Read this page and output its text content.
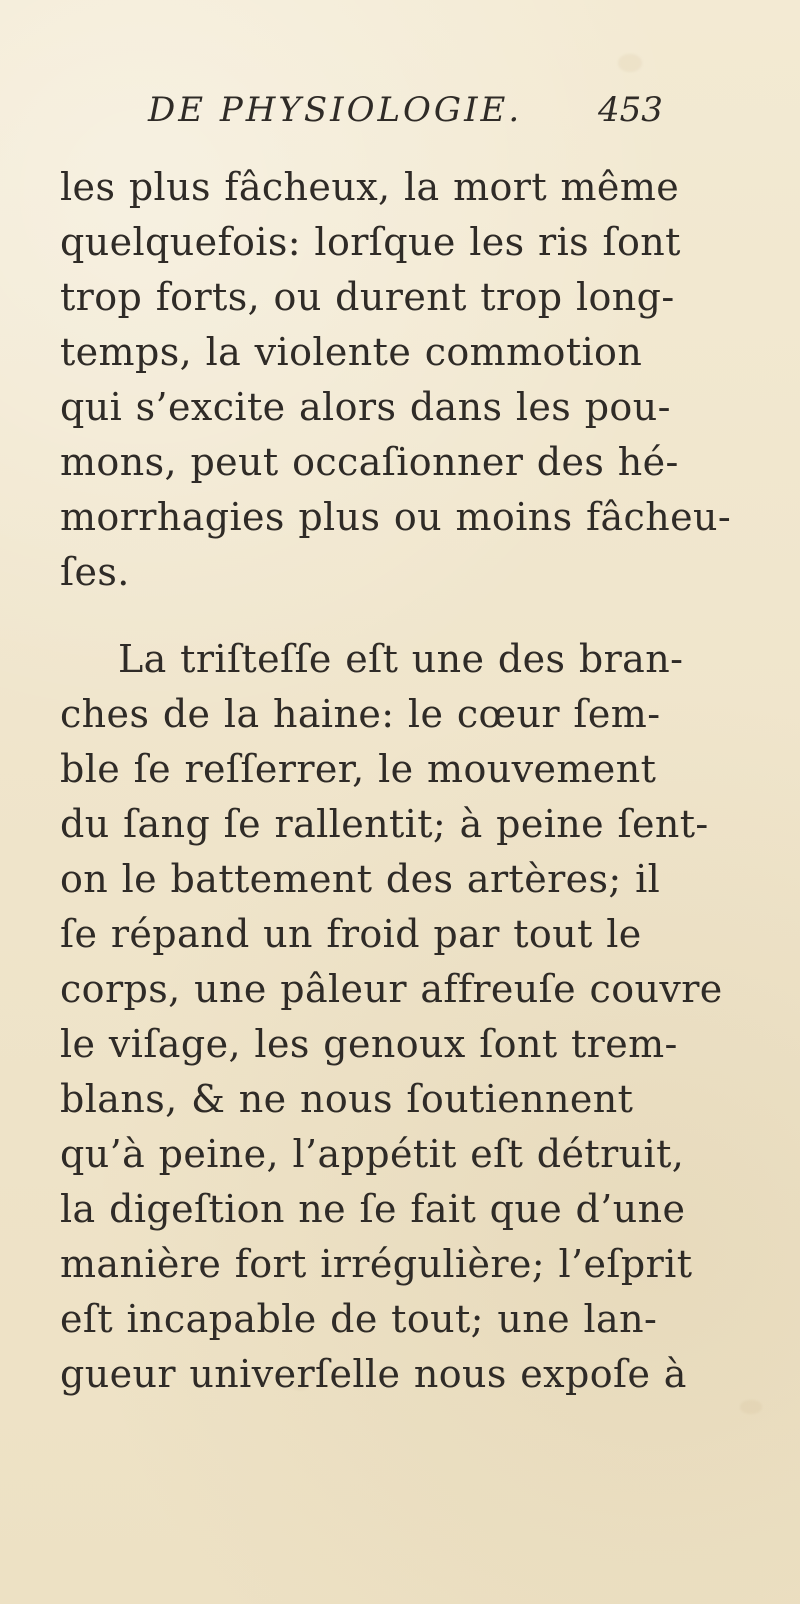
DE PHYSIOLOGIE. 453
les plus fâcheux, la mort même
quelquefois: lorſque les ris ſont
trop forts, ou durent trop long-
temps, la violente commotion
qui s’excite alors dans les pou-
mons, peut occaſionner des hé-
morrhagies plus ou moins fâcheu-
ſes.
La triſteſſe eſt une des bran-
ches de la haine: le cœur ſem-
ble ſe reſſerrer, le mouvement
du ſang ſe rallentit; à peine ſent-
on le battement des artères; il
ſe répand un froid par tout le
corps, une pâleur affreuſe couvre
le viſage, les genoux ſont trem-
blans, & ne nous ſoutiennent
qu’à peine, l’appétit eſt détruit,
la digeſtion ne ſe fait que d’une
manière fort irrégulière; l’eſprit
eſt incapable de tout; une lan-
gueur univerſelle nous expoſe à
